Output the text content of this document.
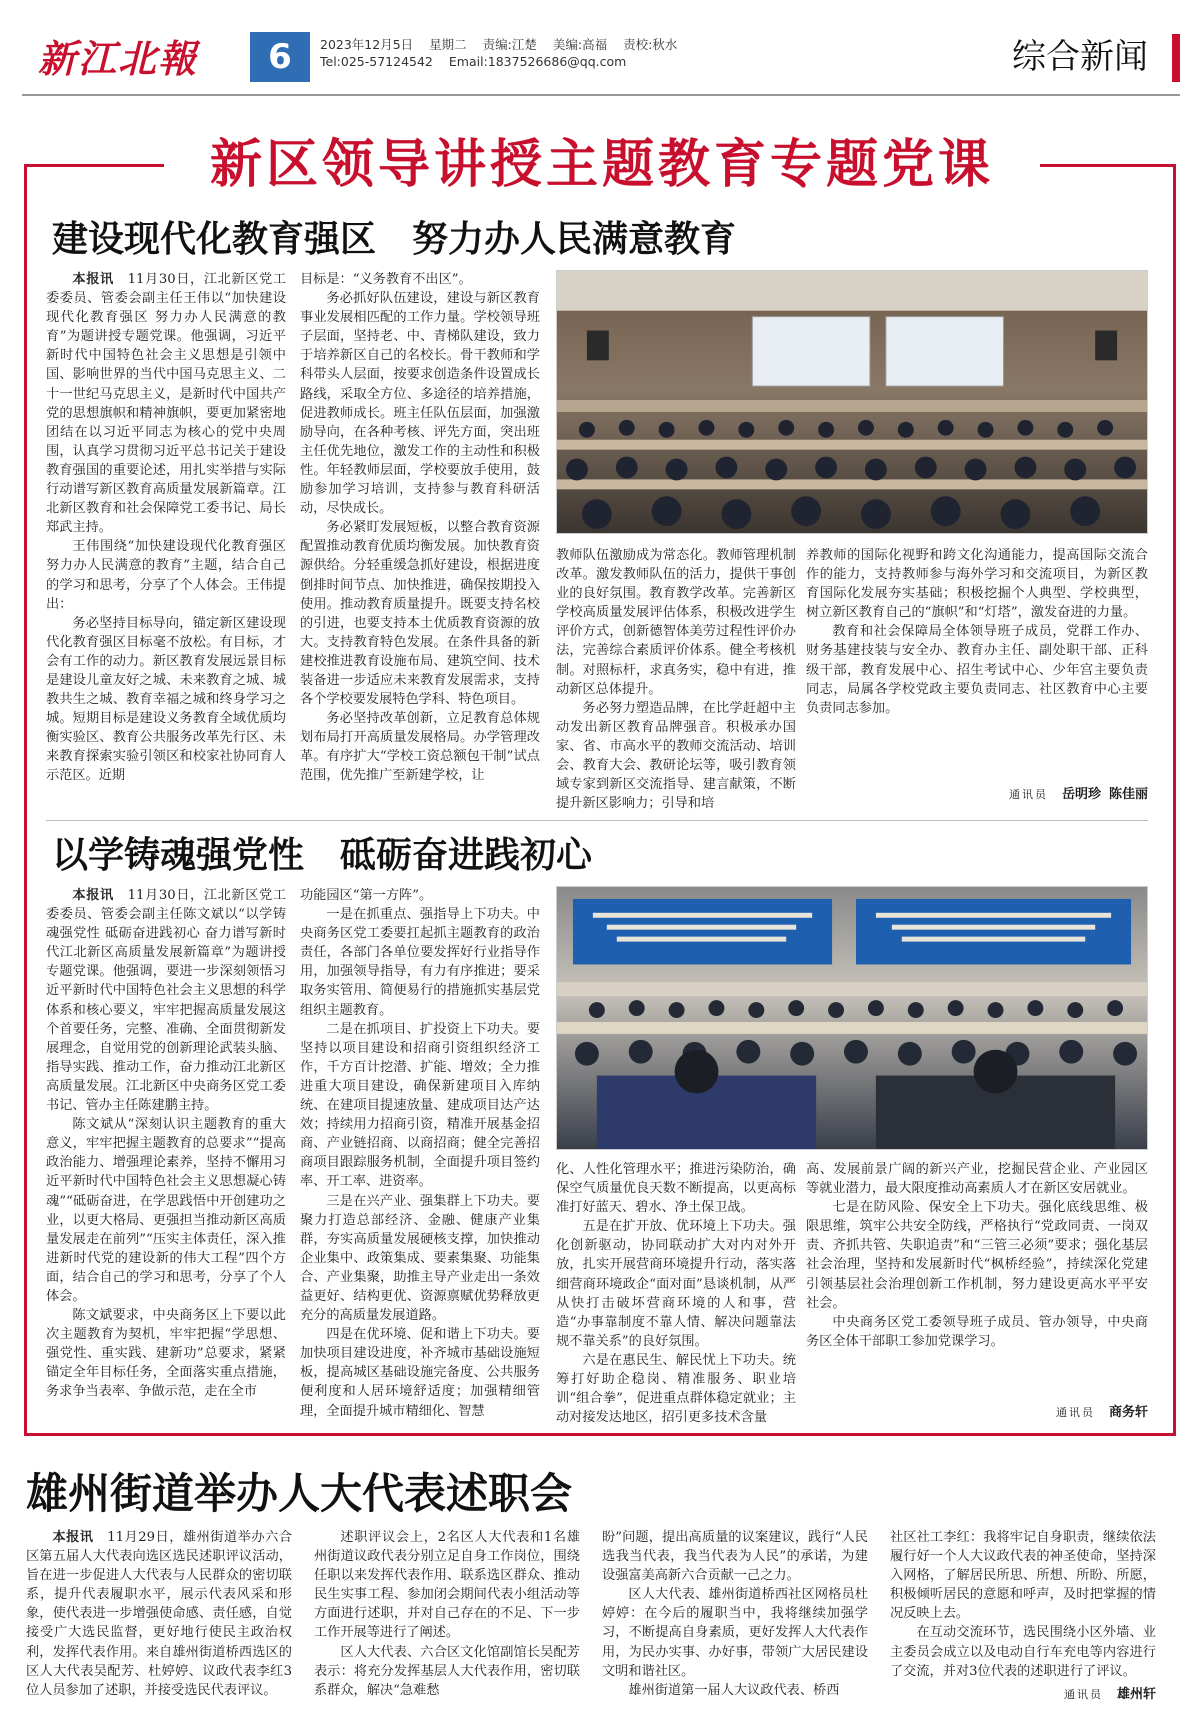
新江北報	6	2023年12月5日 星期二 责编:江楚 美编:高福 责校:秋水
Tel:025-57124542 Email:1837526686@qq.com	综合新闻
新区领导讲授主题教育专题党课
建设现代化教育强区　努力办人民满意教育

本报讯　 11月30日，江北新区党工委委员、管委会副主任王伟以“加快建设现代化教育强区 努力办人民满意的教育”为题讲授专题党课。他强调，习近平新时代中国特色社会主义思想是引领中国、影响世界的当代中国马克思主义、二十一世纪马克思主义，是新时代中国共产党的思想旗帜和精神旗帜，要更加紧密地团结在以习近平同志为核心的党中央周围，认真学习贯彻习近平总书记关于建设教育强国的重要论述，用扎实举措与实际行动谱写新区教育高质量发展新篇章。江北新区教育和社会保障党工委书记、局长郑武主持。

王伟围绕“加快建设现代化教育强区 努力办人民满意的教育”主题，结合自己的学习和思考，分享了个人体会。王伟提出：

务必坚持目标导向，锚定新区建设现代化教育强区目标毫不放松。有目标，才会有工作的动力。新区教育发展远景目标是建设儿童友好之城、未来教育之城、城教共生之城、教育幸福之城和终身学习之城。短期目标是建设义务教育全域优质均衡实验区、教育公共服务改革先行区、未来教育探索实验引领区和校家社协同育人示范区。近期

目标是：“义务教育不出区”。

务必抓好队伍建设，建设与新区教育事业发展相匹配的工作力量。学校领导班子层面，坚持老、中、青梯队建设，致力于培养新区自己的名校长。骨干教师和学科带头人层面，按要求创造条件设置成长路线，采取全方位、多途径的培养措施，促进教师成长。班主任队伍层面，加强激励导向，在各种考核、评先方面，突出班主任优先地位，激发工作的主动性和积极性。年轻教师层面，学校要放手使用，鼓励参加学习培训，支持参与教育科研活动，尽快成长。

务必紧盯发展短板，以整合教育资源配置推动教育优质均衡发展。加快教育资源供给。分轻重缓急抓好建设，根据进度倒排时间节点、加快推进，确保按期投入使用。推动教育质量提升。既要支持名校的引进，也要支持本土优质教育资源的放大。支持教育特色发展。在条件具备的新建校推进教育设施布局、建筑空间、技术装备进一步适应未来教育发展需求，支持各个学校要发展特色学科、特色项目。

务必坚持改革创新，立足教育总体规划布局打开高质量发展格局。办学管理改革。有序扩大“学校工资总额包干制”试点范围，优先推广至新建学校，让

教师队伍激励成为常态化。教师管理机制改革。激发教师队伍的活力，提供干事创业的良好氛围。教育教学改革。完善新区学校高质量发展评估体系，积极改进学生评价方式，创新德智体美劳过程性评价办法，完善综合素质评价体系。健全考核机制。对照标杆，求真务实，稳中有进，推动新区总体提升。

务必努力塑造品牌，在比学赶超中主动发出新区教育品牌强音。积极承办国家、省、市高水平的教师交流活动、培训会、教育大会、教研论坛等，吸引教育领域专家到新区交流指导、建言献策，不断提升新区影响力；引导和培

养教师的国际化视野和跨文化沟通能力，提高国际交流合作的能力，支持教师参与海外学习和交流项目，为新区教育国际化发展夯实基础；积极挖掘个人典型、学校典型，树立新区教育自己的“旗帜”和“灯塔”，激发奋进的力量。

教育和社会保障局全体领导班子成员，党群工作办、财务基建技装与安全办、教育办主任、副处职干部、正科级干部，教育发展中心、招生考试中心、少年宫主要负责同志，局属各学校党政主要负责同志、社区教育中心主要负责同志参加。

通讯员 岳明珍 陈佳丽
以学铸魂强党性　砥砺奋进践初心

本报讯　 11月30日，江北新区党工委委员、管委会副主任陈文斌以“以学铸魂强党性 砥砺奋进践初心 奋力谱写新时代江北新区高质量发展新篇章”为题讲授专题党课。他强调，要进一步深刻领悟习近平新时代中国特色社会主义思想的科学体系和核心要义，牢牢把握高质量发展这个首要任务，完整、准确、全面贯彻新发展理念，自觉用党的创新理论武装头脑、指导实践、推动工作，奋力推动江北新区高质量发展。江北新区中央商务区党工委书记、管办主任陈建鹏主持。

陈文斌从“深刻认识主题教育的重大意义，牢牢把握主题教育的总要求”“提高政治能力、增强理论素养，坚持不懈用习近平新时代中国特色社会主义思想凝心铸魂”“砥砺奋进，在学思践悟中开创建功之业，以更大格局、更强担当推动新区高质量发展走在前列”“压实主体责任，深入推进新时代党的建设新的伟大工程”四个方面，结合自己的学习和思考，分享了个人体会。

陈文斌要求，中央商务区上下要以此次主题教育为契机，牢牢把握“学思想、强党性、重实践、建新功”总要求，紧紧锚定全年目标任务，全面落实重点措施，务求争当表率、争做示范，走在全市

功能园区“第一方阵”。

一是在抓重点、强指导上下功夫。中央商务区党工委要扛起抓主题教育的政治责任，各部门各单位要发挥好行业指导作用，加强领导指导，有力有序推进；要采取务实管用、简便易行的措施抓实基层党组织主题教育。

二是在抓项目、扩投资上下功夫。要坚持以项目建设和招商引资组织经济工作，千方百计挖潜、扩能、增效；全力推进重大项目建设，确保新建项目入库纳统、在建项目提速放量、建成项目达产达效；持续用力招商引资，精准开展基金招商、产业链招商、以商招商；健全完善招商项目跟踪服务机制，全面提升项目签约率、开工率、进资率。

三是在兴产业、强集群上下功夫。要聚力打造总部经济、金融、健康产业集群，夯实高质量发展硬核支撑，加快推动企业集中、政策集成、要素集聚、功能集合、产业集聚，助推主导产业走出一条效益更好、结构更优、资源禀赋优势释放更充分的高质量发展道路。

四是在优环境、促和谐上下功夫。要加快项目建设进度，补齐城市基础设施短板，提高城区基础设施完备度、公共服务便利度和人居环境舒适度；加强精细管理，全面提升城市精细化、智慧

化、人性化管理水平；推进污染防治，确保空气质量优良天数不断提高，以更高标准打好蓝天、碧水、净土保卫战。

五是在扩开放、优环境上下功夫。强化创新驱动，协同联动扩大对内对外开放，扎实开展营商环境提升行动，落实落细营商环境政企“面对面”恳谈机制，从严从快打击破坏营商环境的人和事，营造“办事靠制度不靠人情、解决问题靠法规不靠关系”的良好氛围。

六是在惠民生、解民忧上下功夫。统筹打好助企稳岗、精准服务、职业培训“组合拳”，促进重点群体稳定就业；主动对接发达地区，招引更多技术含量

高、发展前景广阔的新兴产业，挖掘民营企业、产业园区等就业潜力，最大限度推动高素质人才在新区安居就业。

七是在防风险、保安全上下功夫。强化底线思维、极限思维，筑牢公共安全防线，严格执行“党政同责、一岗双责、齐抓共管、失职追责”和“三管三必须”要求；强化基层社会治理，坚持和发展新时代“枫桥经验”，持续深化党建引领基层社会治理创新工作机制，努力建设更高水平平安社会。

中央商务区党工委领导班子成员、管办领导，中央商务区全体干部职工参加党课学习。

通讯员 商务轩
雄州街道举办人大代表述职会

本报讯　 11月29日，雄州街道举办六合区第五届人大代表向选区选民述职评议活动，旨在进一步促进人大代表与人民群众的密切联系，提升代表履职水平，展示代表风采和形象，使代表进一步增强使命感、责任感，自觉接受广大选民监督，更好地行使民主政治权利，发挥代表作用。来自雄州街道桥西选区的区人大代表吴配芳、杜婷婷、议政代表李红3位人员参加了述职，并接受选民代表评议。

述职评议会上，2名区人大代表和1名雄州街道议政代表分别立足自身工作岗位，围绕任职以来发挥代表作用、联系选区群众、推动民生实事工程、参加闭会期间代表小组活动等方面进行述职，并对自己存在的不足、下一步工作开展等进行了阐述。

区人大代表、六合区文化馆副馆长吴配芳表示：将充分发挥基层人大代表作用，密切联系群众，解决“急难愁

盼”问题，提出高质量的议案建议，践行“人民选我当代表，我当代表为人民”的承诺，为建设强富美高新六合贡献一己之力。

区人大代表、雄州街道桥西社区网格员杜婷婷：在今后的履职当中，我将继续加强学习，不断提高自身素质，更好发挥人大代表作用，为民办实事、办好事，带领广大居民建设文明和谐社区。

雄州街道第一届人大议政代表、桥西

社区社工李红：我将牢记自身职责，继续依法履行好一个人大议政代表的神圣使命，坚持深入网格，了解居民所思、所想、所盼、所愿，积极倾听居民的意愿和呼声，及时把掌握的情况反映上去。

在互动交流环节，选民围绕小区外墙、业主委员会成立以及电动自行车充电等内容进行了交流，并对3位代表的述职进行了评议。

通讯员 雄州轩
